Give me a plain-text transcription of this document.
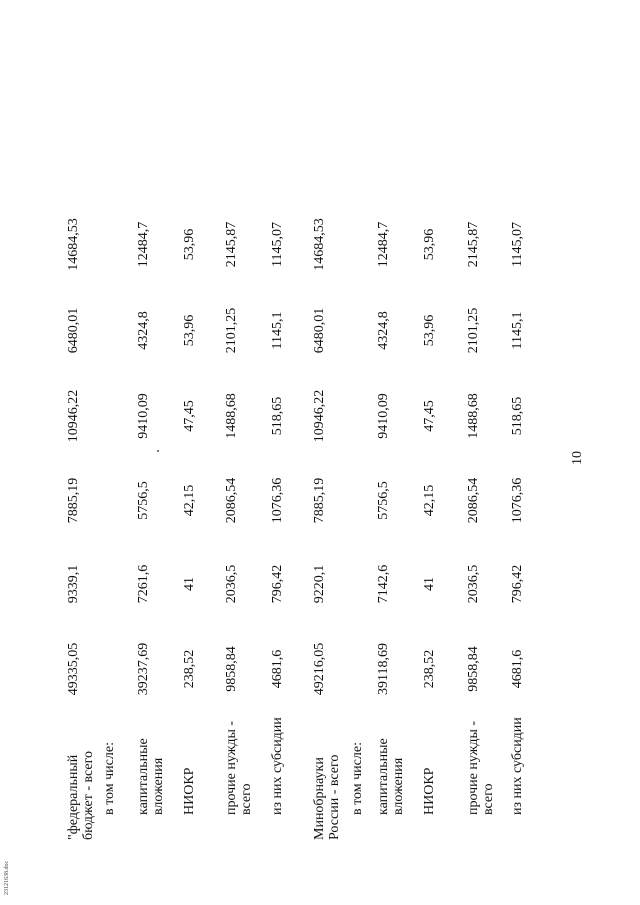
10
23121638.doc
"федеральный бюджет - всего	49335,05	9339,1	7885,19	10946,22	6480,01	14684,53
в том числе:						
капитальные вложения	39237,69	7261,6	5756,5	9410,09	4324,8	12484,7
НИОКР	238,52	41	42,15	47,45	53,96	53,96
прочие нужды - всего	9858,84	2036,5	2086,54	1488,68	2101,25	2145,87
из них субсидии	4681,6	796,42	1076,36	518,65	1145,1	1145,07
Минобрнауки России - всего	49216,05	9220,1	7885,19	10946,22	6480,01	14684,53
в том числе:						
капитальные вложения	39118,69	7142,6	5756,5	9410,09	4324,8	12484,7
НИОКР	238,52	41	42,15	47,45	53,96	53,96
прочие нужды - всего	9858,84	2036,5	2086,54	1488,68	2101,25	2145,87
из них субсидии	4681,6	796,42	1076,36	518,65	1145,1	1145,07
